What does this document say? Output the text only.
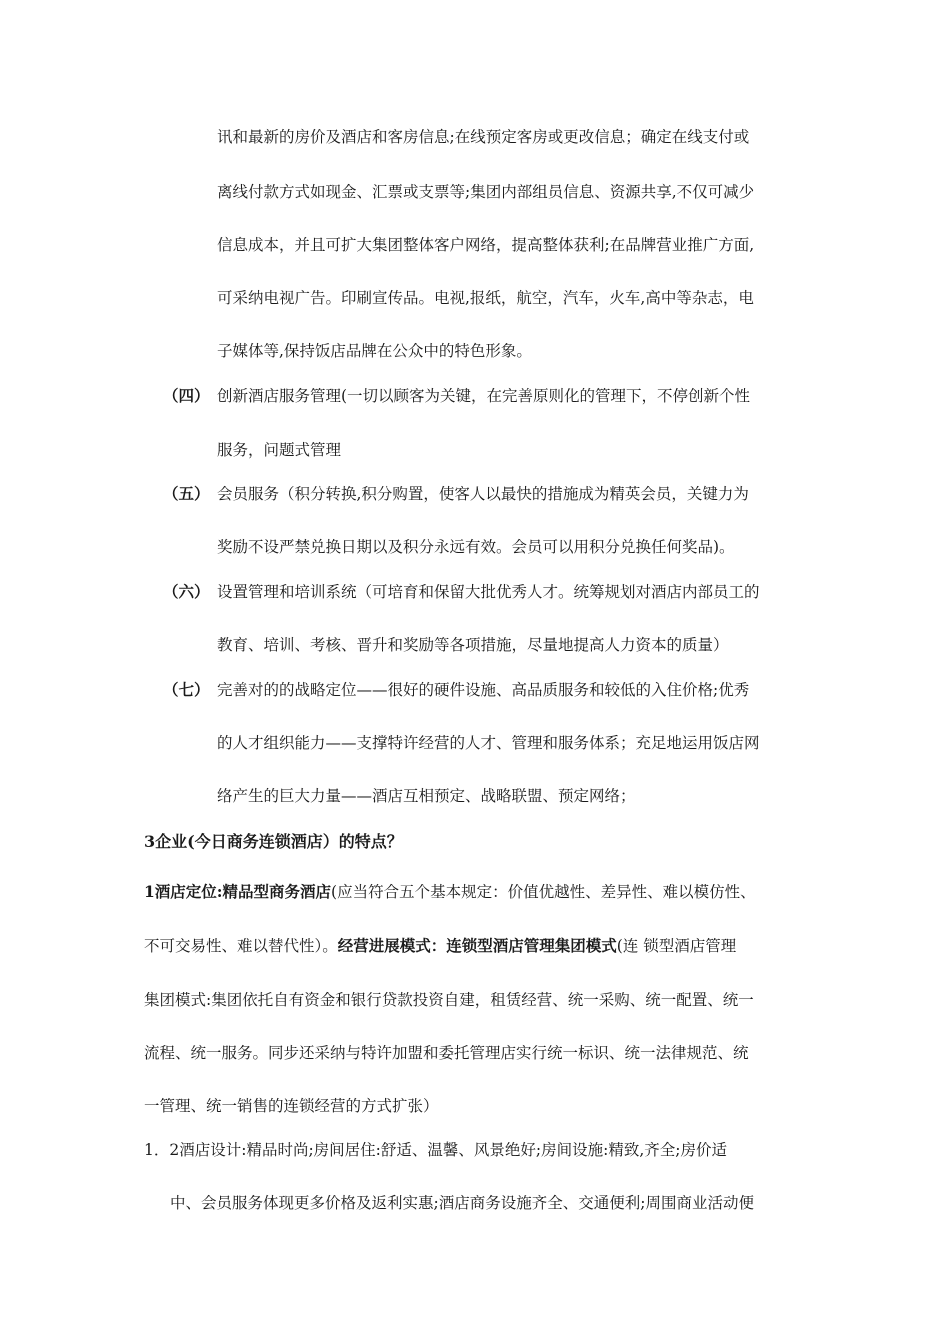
讯和最新的房价及酒店和客房信息;在线预定客房或更改信息；确定在线支付或
离线付款方式如现金、汇票或支票等;集团内部组员信息、资源共享,不仅可减少
信息成本，并且可扩大集团整体客户网络，提高整体获利;在品牌营业推广方面,
可采纳电视广告。印刷宣传品。电视,报纸，航空，汽车，火车,高中等杂志，电
子媒体等,保持饭店品牌在公众中的特色形象。
（四） 创新酒店服务管理(一切以顾客为关键，在完善原则化的管理下，不停创新个性
服务，问题式管理
（五） 会员服务（积分转换,积分购置，使客人以最快的措施成为精英会员，关键力为
奖励不设严禁兑换日期以及积分永远有效。会员可以用积分兑换任何奖品)。
（六） 设置管理和培训系统（可培育和保留大批优秀人才。统筹规划对酒店内部员工的
教育、培训、考核、晋升和奖励等各项措施，尽量地提高人力资本的质量）
（七） 完善对的的战略定位——很好的硬件设施、高品质服务和较低的入住价格;优秀
的人才组织能力——支撑特许经营的人才、管理和服务体系；充足地运用饭店网
络产生的巨大力量——酒店互相预定、战略联盟、预定网络；
3企业(今日商务连锁酒店）的特点？
1酒店定位:精品型商务酒店(应当符合五个基本规定：价值优越性、差异性、难以模仿性、
不可交易性、难以替代性）。经营进展模式：连锁型酒店管理集团模式(连 锁型酒店管理
集团模式:集团依托自有资金和银行贷款投资自建，租赁经营、统一采购、统一配置、统一
流程、统一服务。同步还采纳与特许加盟和委托管理店实行统一标识、统一法律规范、统
一管理、统一销售的连锁经营的方式扩张）
1．2酒店设计:精品时尚;房间居住:舒适、温馨、风景绝好;房间设施:精致,齐全;房价适
中、会员服务体现更多价格及返利实惠;酒店商务设施齐全、交通便利;周围商业活动便
